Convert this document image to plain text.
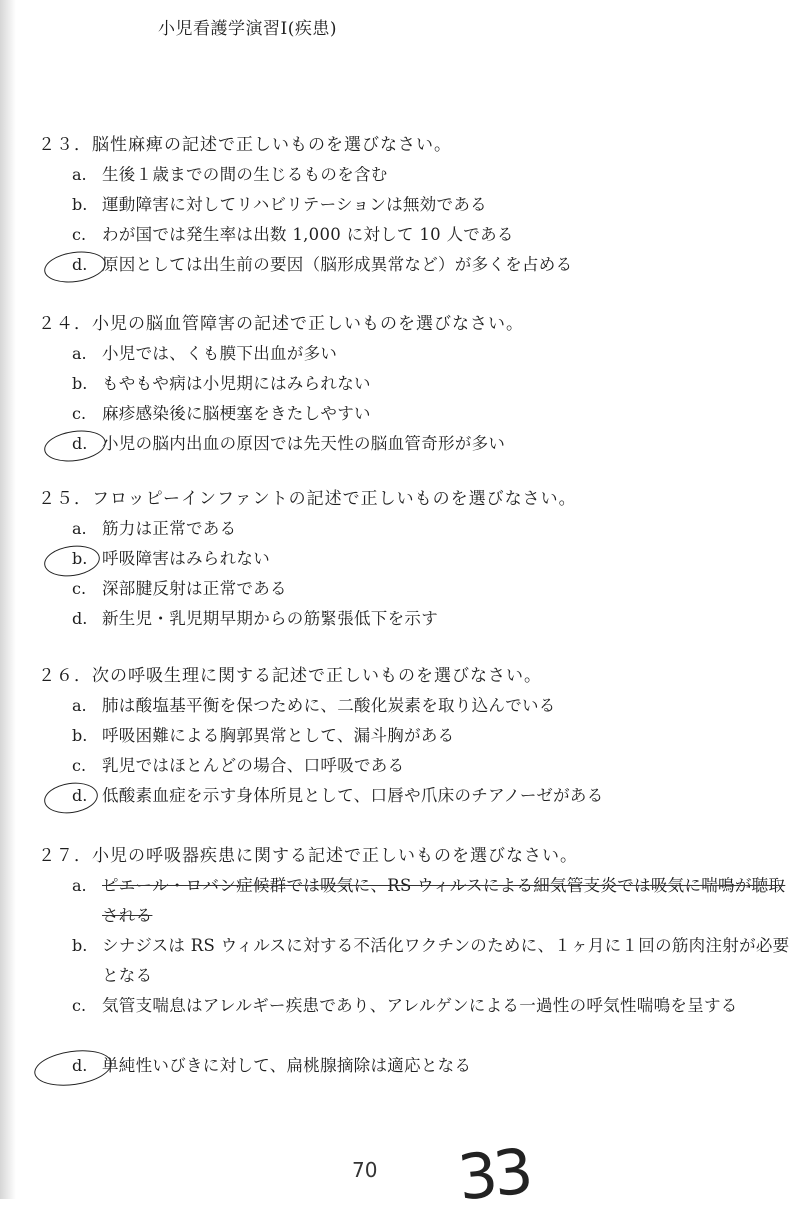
小児看護学演習Ⅰ(疾患)
２３．脳性麻痺の記述で正しいものを選びなさい。
a. 生後１歳までの間の生じるものを含む
b. 運動障害に対してリハビリテーションは無効である
c. わが国では発生率は出数 1,000 に対して 10 人である
d. 原因としては出生前の要因（脳形成異常など）が多くを占める
２４．小児の脳血管障害の記述で正しいものを選びなさい。
a. 小児では、くも膜下出血が多い
b. もやもや病は小児期にはみられない
c. 麻疹感染後に脳梗塞をきたしやすい
d. 小児の脳内出血の原因では先天性の脳血管奇形が多い
２５．フロッピーインファントの記述で正しいものを選びなさい。
a. 筋力は正常である
b. 呼吸障害はみられない
c. 深部腱反射は正常である
d. 新生児・乳児期早期からの筋緊張低下を示す
２６．次の呼吸生理に関する記述で正しいものを選びなさい。
a. 肺は酸塩基平衡を保つために、二酸化炭素を取り込んでいる
b. 呼吸困難による胸郭異常として、漏斗胸がある
c. 乳児ではほとんどの場合、口呼吸である
d. 低酸素血症を示す身体所見として、口唇や爪床のチアノーゼがある
２７．小児の呼吸器疾患に関する記述で正しいものを選びなさい。
a. ピエール・ロバン症候群では吸気に、RS ウィルスによる細気管支炎では吸気に喘鳴が聴取される
b. シナジスは RS ウィルスに対する不活化ワクチンのために、１ヶ月に１回の筋肉注射が必要となる
c. 気管支喘息はアレルギー疾患であり、アレルゲンによる一過性の呼気性喘鳴を呈する
d. 単純性いびきに対して、扁桃腺摘除は適応となる
70 33
